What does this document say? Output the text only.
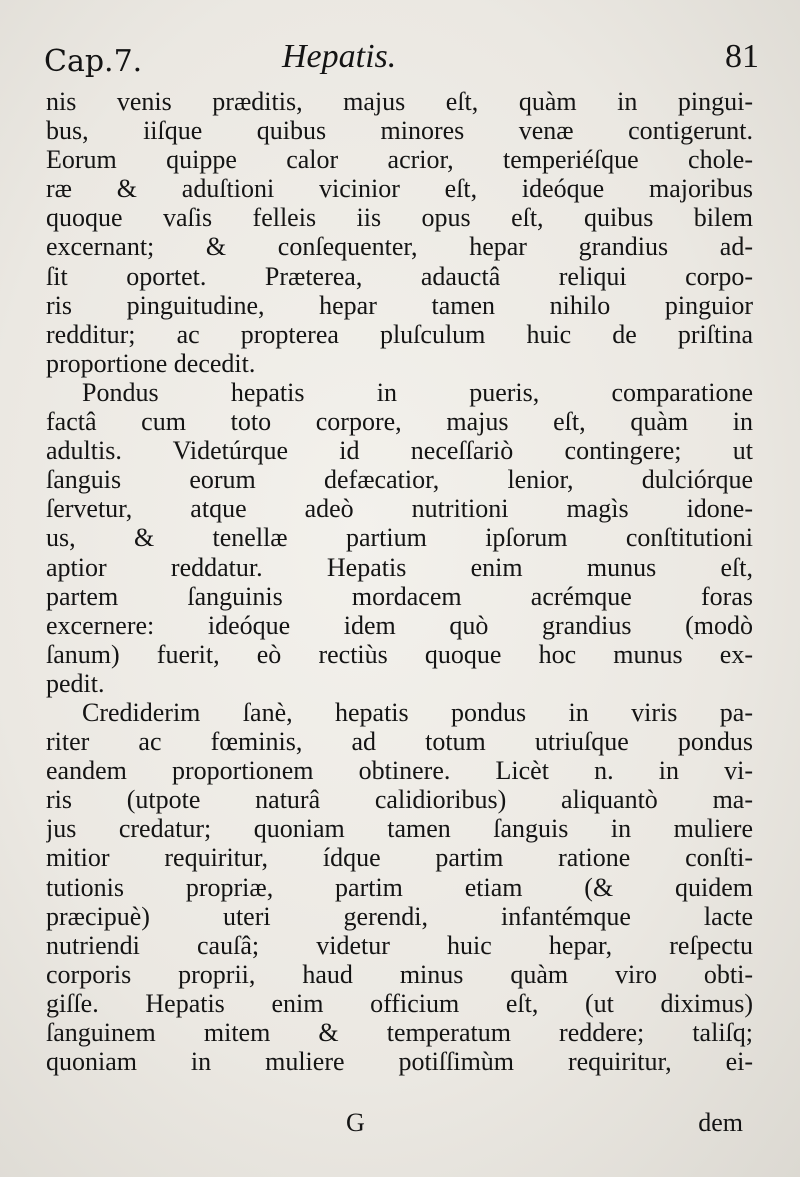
Cap.7.	Hepatis.	81
nis venis præditis, majus eſt, quàm in pingui-
bus, iiſque quibus minores venæ contigerunt.
Eorum quippe calor acrior, temperiéſque chole-
ræ & aduſtioni vicinior eſt, ideóque majoribus
quoque vaſis felleis iis opus eſt, quibus bilem
excernant; & conſequenter, hepar grandius ad-
ſit oportet. Præterea, adauctâ reliqui corpo-
ris pinguitudine, hepar tamen nihilo pinguior
redditur; ac propterea pluſculum huic de priſtina
proportione decedit.
Pondus hepatis in pueris, comparatione
factâ cum toto corpore, majus eſt, quàm in
adultis. Videtúrque id neceſſariò contingere; ut
ſanguis eorum defæcatior, lenior, dulciórque
ſervetur, atque adeò nutritioni magìs idone-
us, & tenellæ partium ipſorum conſtitutioni
aptior reddatur. Hepatis enim munus eſt,
partem ſanguinis mordacem acrémque foras
excernere: ideóque idem quò grandius (modò
ſanum) fuerit, eò rectiùs quoque hoc munus ex-
pedit.
Crediderim ſanè, hepatis pondus in viris pa-
riter ac fœminis, ad totum utriuſque pondus
eandem proportionem obtinere. Licèt n. in vi-
ris (utpote naturâ calidioribus) aliquantò ma-
jus credatur; quoniam tamen ſanguis in muliere
mitior requiritur, ídque partim ratione conſti-
tutionis propriæ, partim etiam (& quidem
præcipuè) uteri gerendi, infantémque lacte
nutriendi cauſâ; videtur huic hepar, reſpectu
corporis proprii, haud minus quàm viro obti-
giſſe. Hepatis enim officium eſt, (ut diximus)
ſanguinem mitem & temperatum reddere; taliſq;
quoniam in muliere potiſſimùm requiritur, ei-
G	dem
